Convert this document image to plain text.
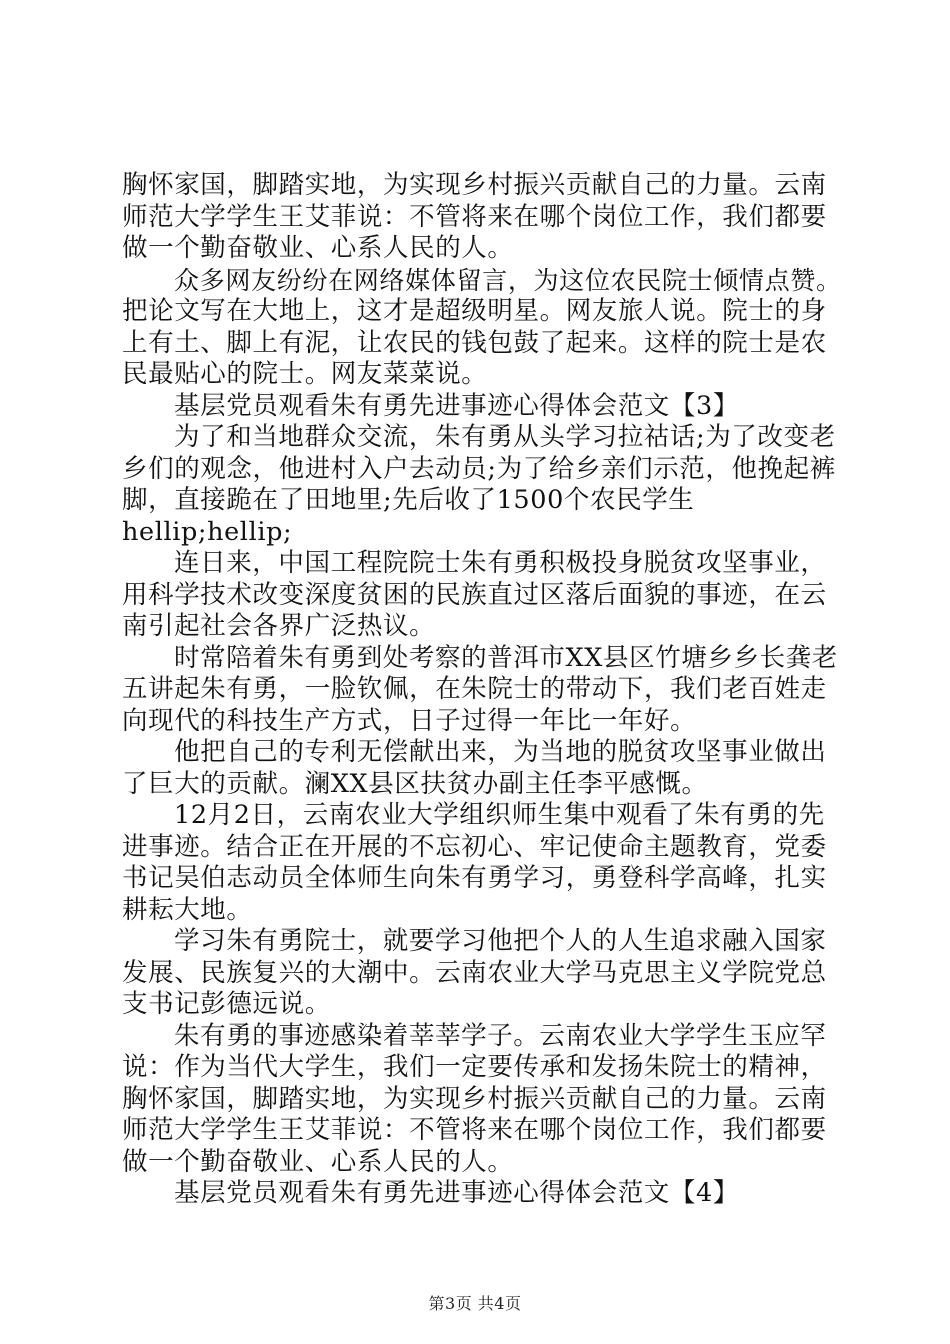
胸怀家国，脚踏实地，为实现乡村振兴贡献自己的力量。云南
师范大学学生王艾菲说：不管将来在哪个岗位工作，我们都要
做一个勤奋敬业、心系人民的人。
众多网友纷纷在网络媒体留言，为这位农民院士倾情点赞。
把论文写在大地上，这才是超级明星。网友旅人说。院士的身
上有土、脚上有泥，让农民的钱包鼓了起来。这样的院士是农
民最贴心的院士。网友菜菜说。
基层党员观看朱有勇先进事迹心得体会范文【3】
为了和当地群众交流，朱有勇从头学习拉祜话;为了改变老
乡们的观念，他进村入户去动员;为了给乡亲们示范，他挽起裤
脚，直接跪在了田地里;先后收了1500个农民学生
hellip;hellip;
连日来，中国工程院院士朱有勇积极投身脱贫攻坚事业，
用科学技术改变深度贫困的民族直过区落后面貌的事迹，在云
南引起社会各界广泛热议。
时常陪着朱有勇到处考察的普洱市XX县区竹塘乡乡长龚老
五讲起朱有勇，一脸钦佩，在朱院士的带动下，我们老百姓走
向现代的科技生产方式，日子过得一年比一年好。
他把自己的专利无偿献出来，为当地的脱贫攻坚事业做出
了巨大的贡献。澜XX县区扶贫办副主任李平感慨。
12月2日，云南农业大学组织师生集中观看了朱有勇的先
进事迹。结合正在开展的不忘初心、牢记使命主题教育，党委
书记吴伯志动员全体师生向朱有勇学习，勇登科学高峰，扎实
耕耘大地。
学习朱有勇院士，就要学习他把个人的人生追求融入国家
发展、民族复兴的大潮中。云南农业大学马克思主义学院党总
支书记彭德远说。
朱有勇的事迹感染着莘莘学子。云南农业大学学生玉应罕
说：作为当代大学生，我们一定要传承和发扬朱院士的精神，
胸怀家国，脚踏实地，为实现乡村振兴贡献自己的力量。云南
师范大学学生王艾菲说：不管将来在哪个岗位工作，我们都要
做一个勤奋敬业、心系人民的人。
基层党员观看朱有勇先进事迹心得体会范文【4】
第3页 共4页
